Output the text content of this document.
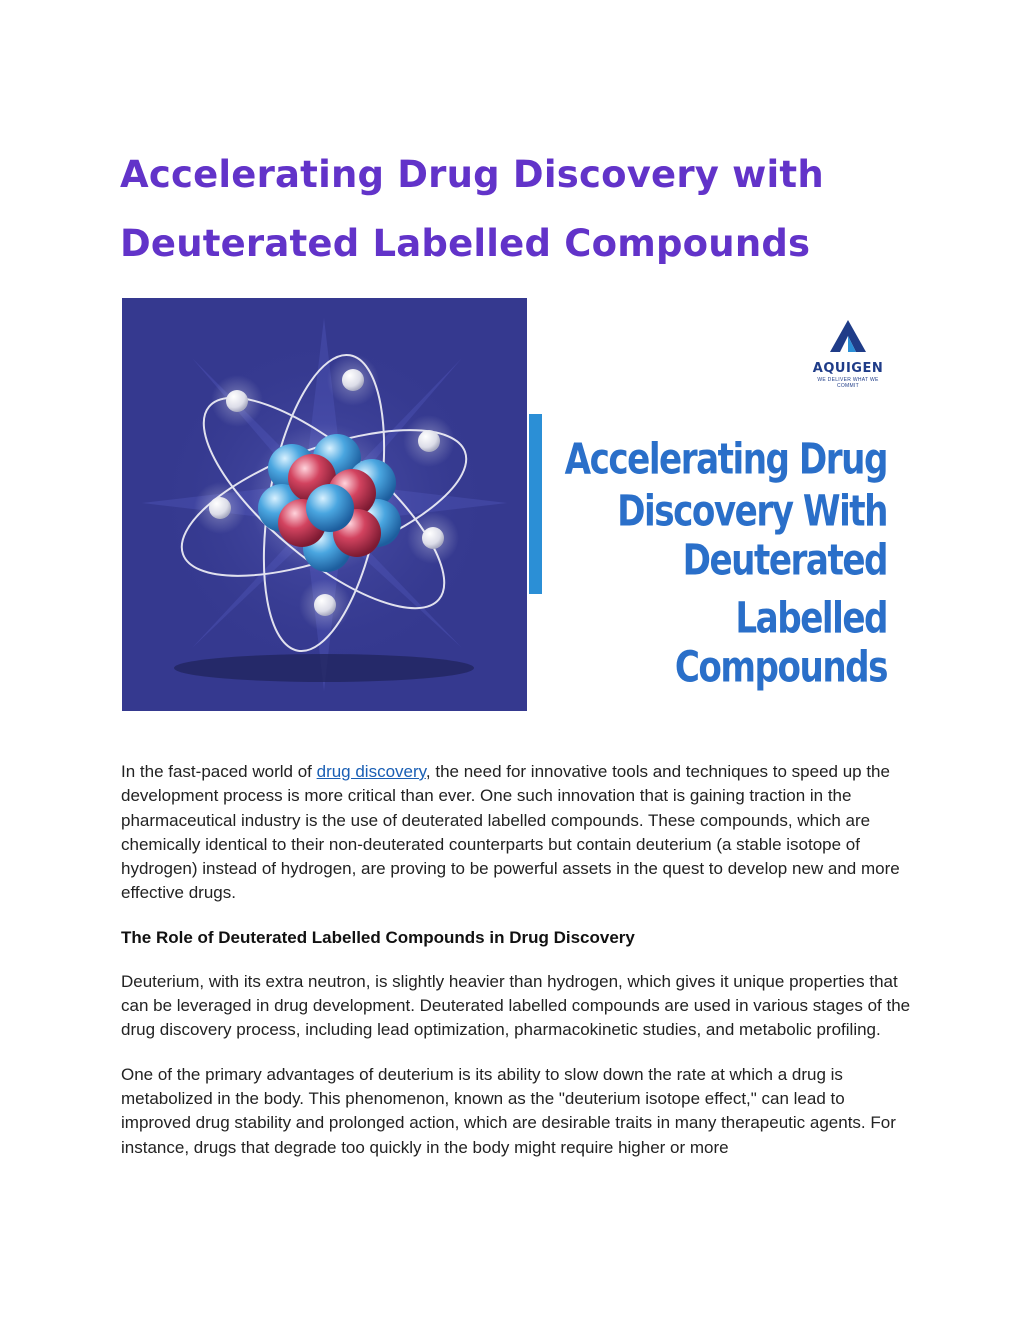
Accelerating Drug Discovery with
Deuterated Labelled Compounds
AQUIGEN
WE DELIVER WHAT WE COMMIT
Accelerating Drug
Discovery With
Deuterated Labelled
Compounds

In the fast-paced world of drug discovery, the need for innovative tools and techniques to speed up the development process is more critical than ever. One such innovation that is gaining traction in the pharmaceutical industry is the use of deuterated labelled compounds. These compounds, which are chemically identical to their non-deuterated counterparts but contain deuterium (a stable isotope of hydrogen) instead of hydrogen, are proving to be powerful assets in the quest to develop new and more effective drugs.

The Role of Deuterated Labelled Compounds in Drug Discovery

Deuterium, with its extra neutron, is slightly heavier than hydrogen, which gives it unique properties that can be leveraged in drug development. Deuterated labelled compounds are used in various stages of the drug discovery process, including lead optimization, pharmacokinetic studies, and metabolic profiling.

One of the primary advantages of deuterium is its ability to slow down the rate at which a drug is metabolized in the body. This phenomenon, known as the "deuterium isotope effect," can lead to improved drug stability and prolonged action, which are desirable traits in many therapeutic agents. For instance, drugs that degrade too quickly in the body might require higher or more
